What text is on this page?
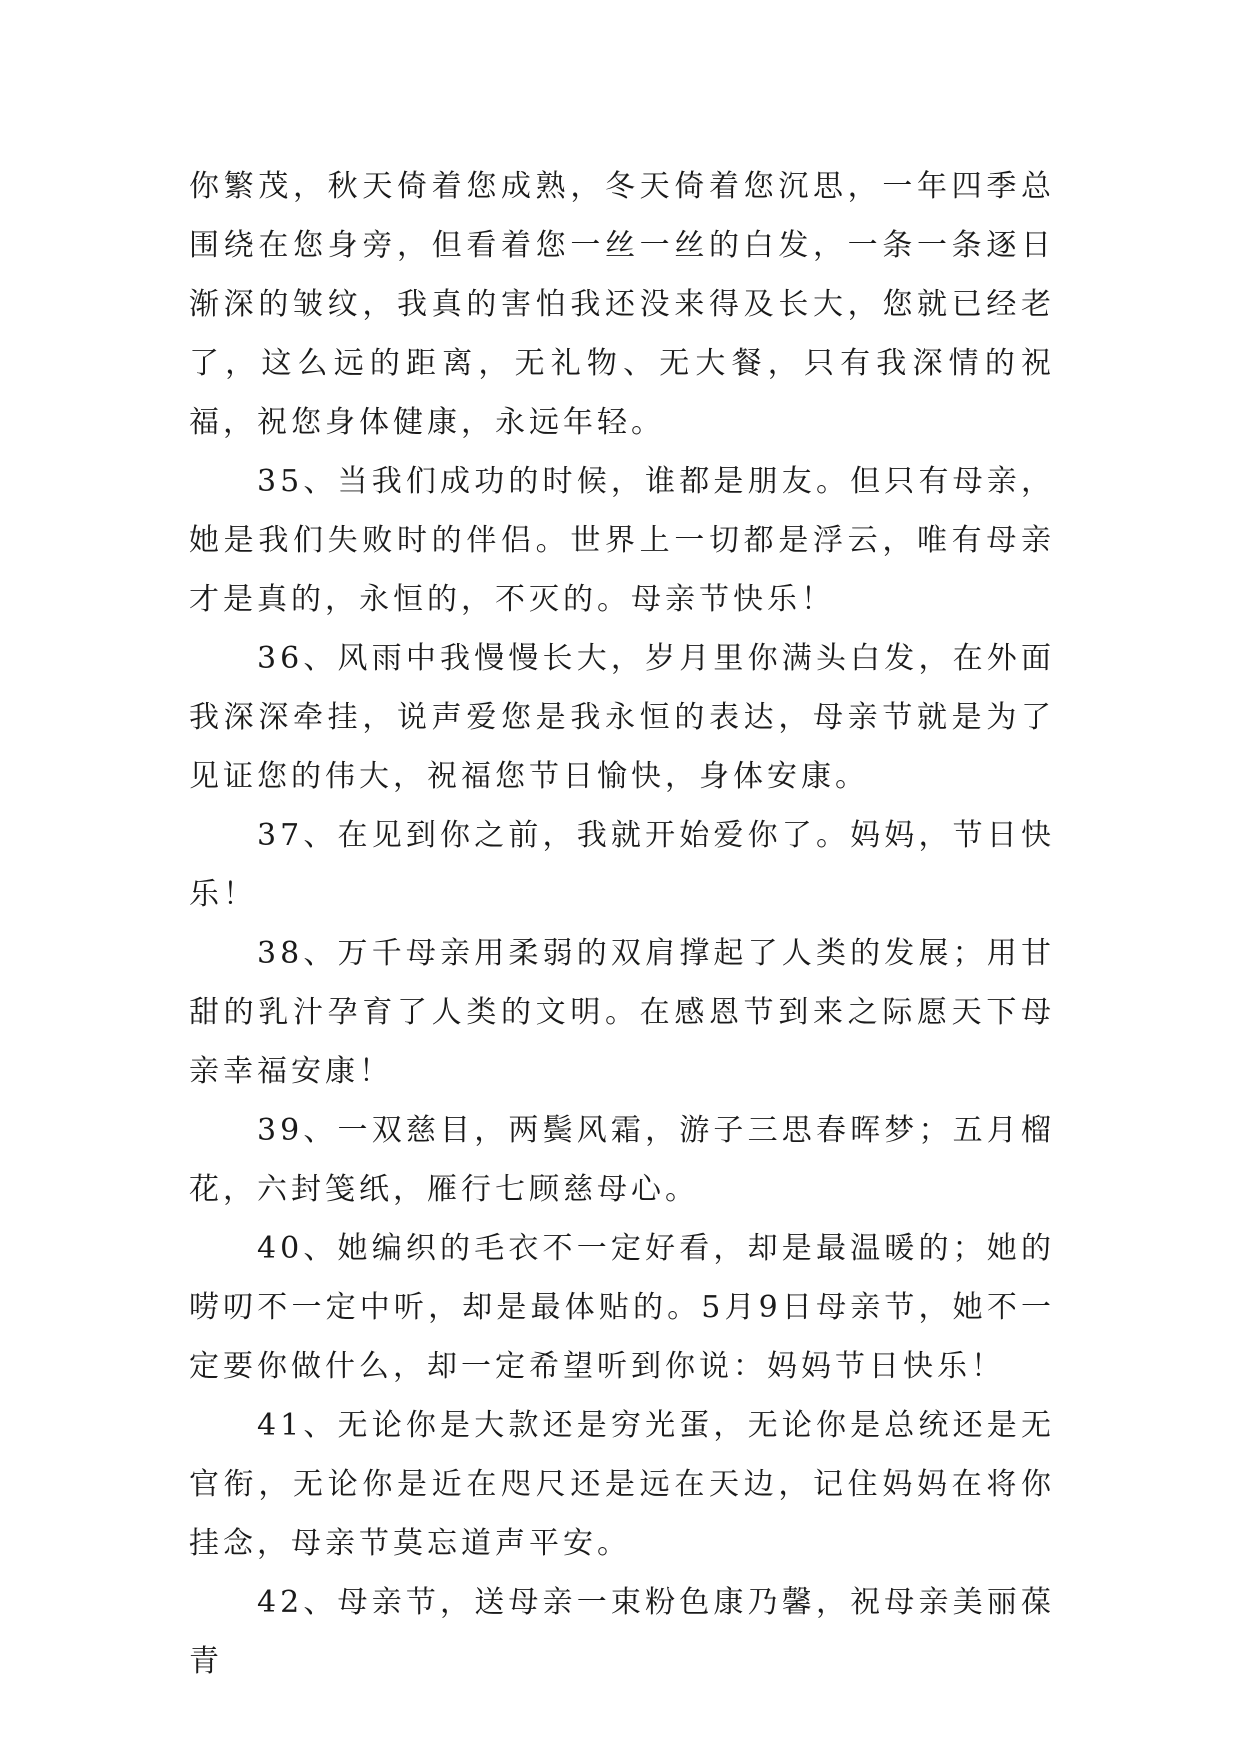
你繁茂，秋天倚着您成熟，冬天倚着您沉思，一年四季总围绕在您身旁，但看着您一丝一丝的白发，一条一条逐日渐深的皱纹，我真的害怕我还没来得及长大，您就已经老了，这么远的距离，无礼物、无大餐，只有我深情的祝福，祝您身体健康，永远年轻。

35、当我们成功的时候，谁都是朋友。但只有母亲，她是我们失败时的伴侣。世界上一切都是浮云，唯有母亲才是真的，永恒的，不灭的。母亲节快乐！

36、风雨中我慢慢长大，岁月里你满头白发，在外面我深深牵挂，说声爱您是我永恒的表达，母亲节就是为了见证您的伟大，祝福您节日愉快，身体安康。

37、在见到你之前，我就开始爱你了。妈妈，节日快乐！

38、万千母亲用柔弱的双肩撑起了人类的发展；用甘甜的乳汁孕育了人类的文明。在感恩节到来之际愿天下母亲幸福安康！

39、一双慈目，两鬓风霜，游子三思春晖梦；五月榴花，六封笺纸，雁行七顾慈母心。

40、她编织的毛衣不一定好看，却是最温暖的；她的唠叨不一定中听，却是最体贴的。5月9日母亲节，她不一定要你做什么，却一定希望听到你说：妈妈节日快乐！

41、无论你是大款还是穷光蛋，无论你是总统还是无官衔，无论你是近在咫尺还是远在天边，记住妈妈在将你挂念，母亲节莫忘道声平安。

42、母亲节，送母亲一束粉色康乃馨，祝母亲美丽葆青
